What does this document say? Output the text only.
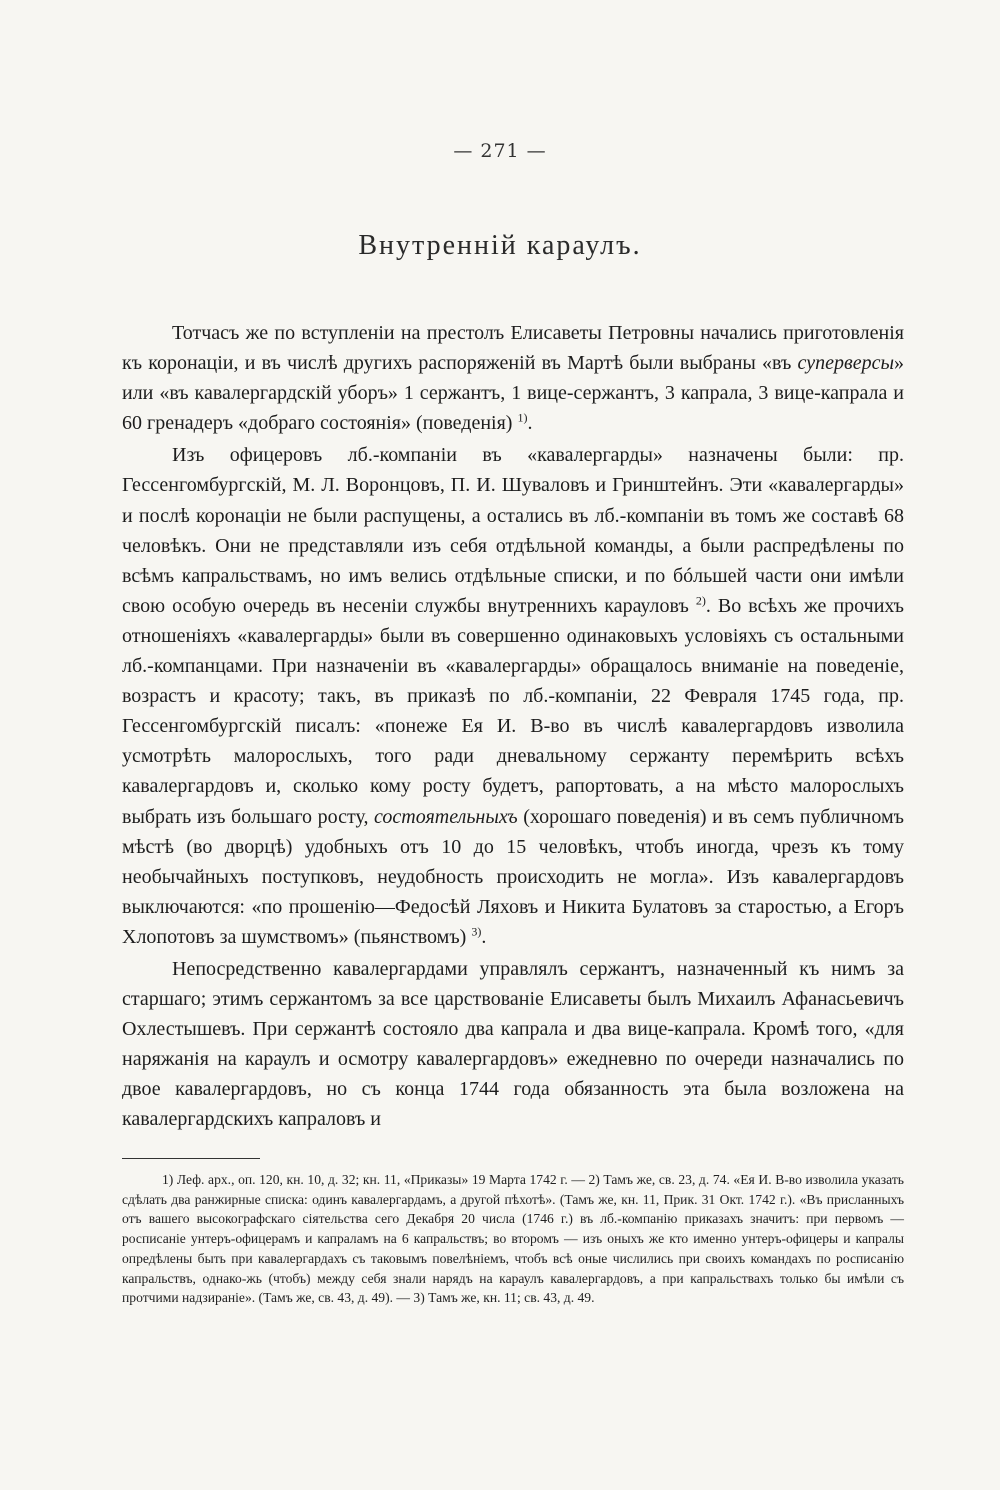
— 271 —
Внутренній караулъ.

Тотчасъ же по вступленіи на престолъ Елисаветы Петровны начались приготовленія къ коронаціи, и въ числѣ другихъ распоряженій въ Мартѣ были выбраны «въ суперверсы» или «въ кавалергардскій уборъ» 1 сержантъ, 1 вице-сержантъ, 3 капрала, 3 вице-капрала и 60 гренадеръ «добраго состоянія» (поведенія) $^{1)}$.

Изъ офицеровъ лб.-компаніи въ «кавалергарды» назначены были: пр. Гессенгомбургскій, М. Л. Воронцовъ, П. И. Шуваловъ и Гринштейнъ. Эти «кавалергарды» и послѣ коронаціи не были распущены, а остались въ лб.-компаніи въ томъ же составѣ 68 человѣкъ. Они не представляли изъ себя отдѣльной команды, а были распредѣлены по всѣмъ капральствамъ, но имъ велись отдѣльные списки, и по бóльшей части они имѣли свою особую очередь въ несеніи службы внутреннихъ карауловъ $^{2)}$. Во всѣхъ же прочихъ отношеніяхъ «кавалергарды» были въ совершенно одинаковыхъ условіяхъ съ остальными лб.-компанцами. При назначеніи въ «кавалергарды» обращалось вниманіе на поведеніе, возрастъ и красоту; такъ, въ приказѣ по лб.-компаніи, 22 Февраля 1745 года, пр. Гессенгомбургскій писалъ: «понеже Ея И. В-во въ числѣ кавалергардовъ изволила усмотрѣть малорослыхъ, того ради дневальному сержанту перемѣрить всѣхъ кавалергардовъ и, сколько кому росту будетъ, рапортовать, а на мѣсто малорослыхъ выбрать изъ большаго росту, состоятельныхъ (хорошаго поведенія) и въ семъ публичномъ мѣстѣ (во дворцѣ) удобныхъ отъ 10 до 15 человѣкъ, чтобъ иногда, чрезъ къ тому необычайныхъ поступковъ, неудобность происходить не могла». Изъ кавалергардовъ выключаются: «по прошенію—Федосѣй Ляховъ и Никита Булатовъ за старостью, а Егоръ Хлопотовъ за шумствомъ» (пьянствомъ) $^{3)}$.

Непосредственно кавалергардами управлялъ сержантъ, назначенный къ нимъ за старшаго; этимъ сержантомъ за все царствованіе Елисаветы былъ Михаилъ Афанасьевичъ Охлестышевъ. При сержантѣ состояло два капрала и два вице-капрала. Кромѣ того, «для наряжанія на караулъ и осмотру кавалергардовъ» ежедневно по очереди назначались по двое кавалергардовъ, но съ конца 1744 года обязанность эта была возложена на кавалергардскихъ капраловъ и

1) Леф. арх., оп. 120, кн. 10, д. 32; кн. 11, «Приказы» 19 Марта 1742 г. — 2) Тамъ же, св. 23, д. 74. «Ея И. В-во изволила указать сдѣлать два ранжирные списка: одинъ кавалергардамъ, а другой пѣхотѣ». (Тамъ же, кн. 11, Прик. 31 Окт. 1742 г.). «Въ присланныхъ отъ вашего высокографскаго сіятельства сего Декабря 20 числа (1746 г.) въ лб.-компанію приказахъ значитъ: при первомъ — росписаніе унтеръ-офицерамъ и капраламъ на 6 капральствъ; во второмъ — изъ оныхъ же кто именно унтеръ-офицеры и капралы опредѣлены быть при кавалергардахъ съ таковымъ повелѣніемъ, чтобъ всѣ оные числились при своихъ командахъ по росписанію капральствъ, однако-жь (чтобъ) между себя знали нарядъ на караулъ кавалергардовъ, а при капральствахъ только бы имѣли съ протчими надзираніе». (Тамъ же, св. 43, д. 49). — 3) Тамъ же, кн. 11; св. 43, д. 49.
